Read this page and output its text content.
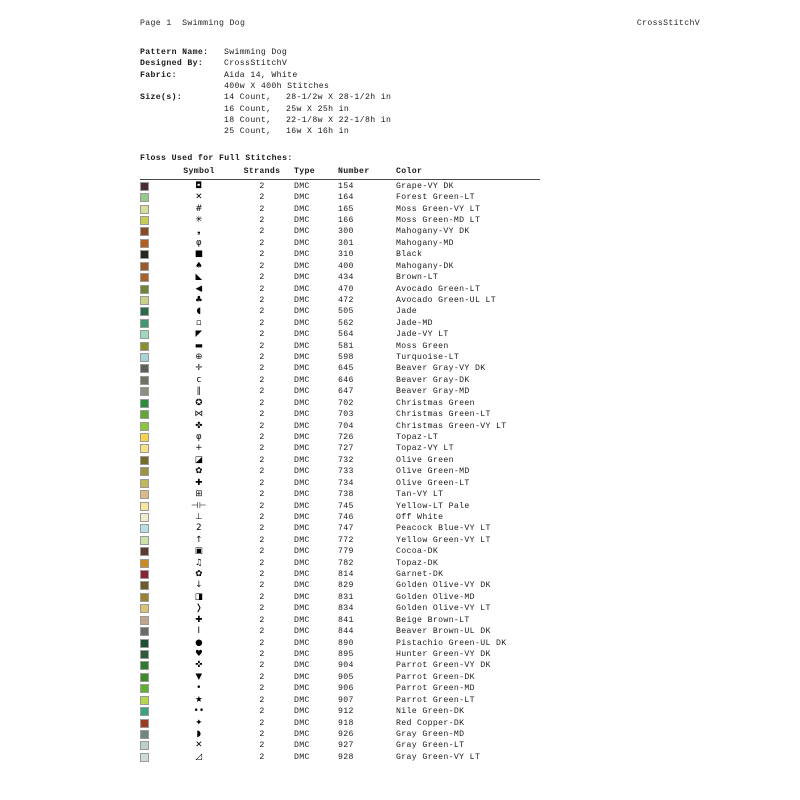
Page 1  Swimming Dog	CrossStitchV
Pattern Name:	Swimming Dog
Designed By:	CrossStitchV
Fabric:	Aida 14, White
400w X 400h Stitches
Size(s):	14 Count,	28-1/2w X 28-1/2h in
16 Count,	25w X 25h in
18 Count,	22-1/8w X 22-1/8h in
25 Count,	16w X 16h in
Floss Used for Full Stitches:
Symbol	Strands	Type	Number	Color
◘	2	DMC	154	Grape-VY DK
✕	2	DMC	164	Forest Green-LT
#	2	DMC	165	Moss Green-VY LT
✳	2	DMC	166	Moss Green-MD LT
❟	2	DMC	300	Mahogany-VY DK
φ	2	DMC	301	Mahogany-MD
■	2	DMC	310	Black
♠	2	DMC	400	Mahogany-DK
◣	2	DMC	434	Brown-LT
◀	2	DMC	470	Avocado Green-LT
♣	2	DMC	472	Avocado Green-UL LT
◖	2	DMC	505	Jade
▫	2	DMC	562	Jade-MD
◤	2	DMC	564	Jade-VY LT
▬	2	DMC	581	Moss Green
⊕	2	DMC	598	Turquoise-LT
✛	2	DMC	645	Beaver Gray-VY DK
ϲ	2	DMC	646	Beaver Gray-DK
∥	2	DMC	647	Beaver Gray-MD
✪	2	DMC	702	Christmas Green
⋈	2	DMC	703	Christmas Green-LT
✤	2	DMC	704	Christmas Green-VY LT
φ	2	DMC	726	Topaz-LT
+	2	DMC	727	Topaz-VY LT
◪	2	DMC	732	Olive Green
✿	2	DMC	733	Olive Green-MD
✚	2	DMC	734	Olive Green-LT
⊞	2	DMC	738	Tan-VY LT
⊣⊢	2	DMC	745	Yellow-LT Pale
⊥	2	DMC	746	Off White
2	2	DMC	747	Peacock Blue-VY LT
↑	2	DMC	772	Yellow Green-VY LT
▣	2	DMC	779	Cocoa-DK
♫	2	DMC	782	Topaz-DK
✿	2	DMC	814	Garnet-DK
↓	2	DMC	829	Golden Olive-VY DK
◨	2	DMC	831	Golden Olive-MD
❭	2	DMC	834	Golden Olive-VY LT
✚	2	DMC	841	Beige Brown-LT
I	2	DMC	844	Beaver Brown-UL DK
●	2	DMC	890	Pistachio Green-UL DK
♥	2	DMC	895	Hunter Green-VY DK
✜	2	DMC	904	Parrot Green-VY DK
▼	2	DMC	905	Parrot Green-DK
•	2	DMC	906	Parrot Green-MD
★	2	DMC	907	Parrot Green-LT
••	2	DMC	912	Nile Green-DK
✦	2	DMC	918	Red Copper-DK
◗	2	DMC	926	Gray Green-MD
✕	2	DMC	927	Gray Green-LT
◿	2	DMC	928	Gray Green-VY LT
